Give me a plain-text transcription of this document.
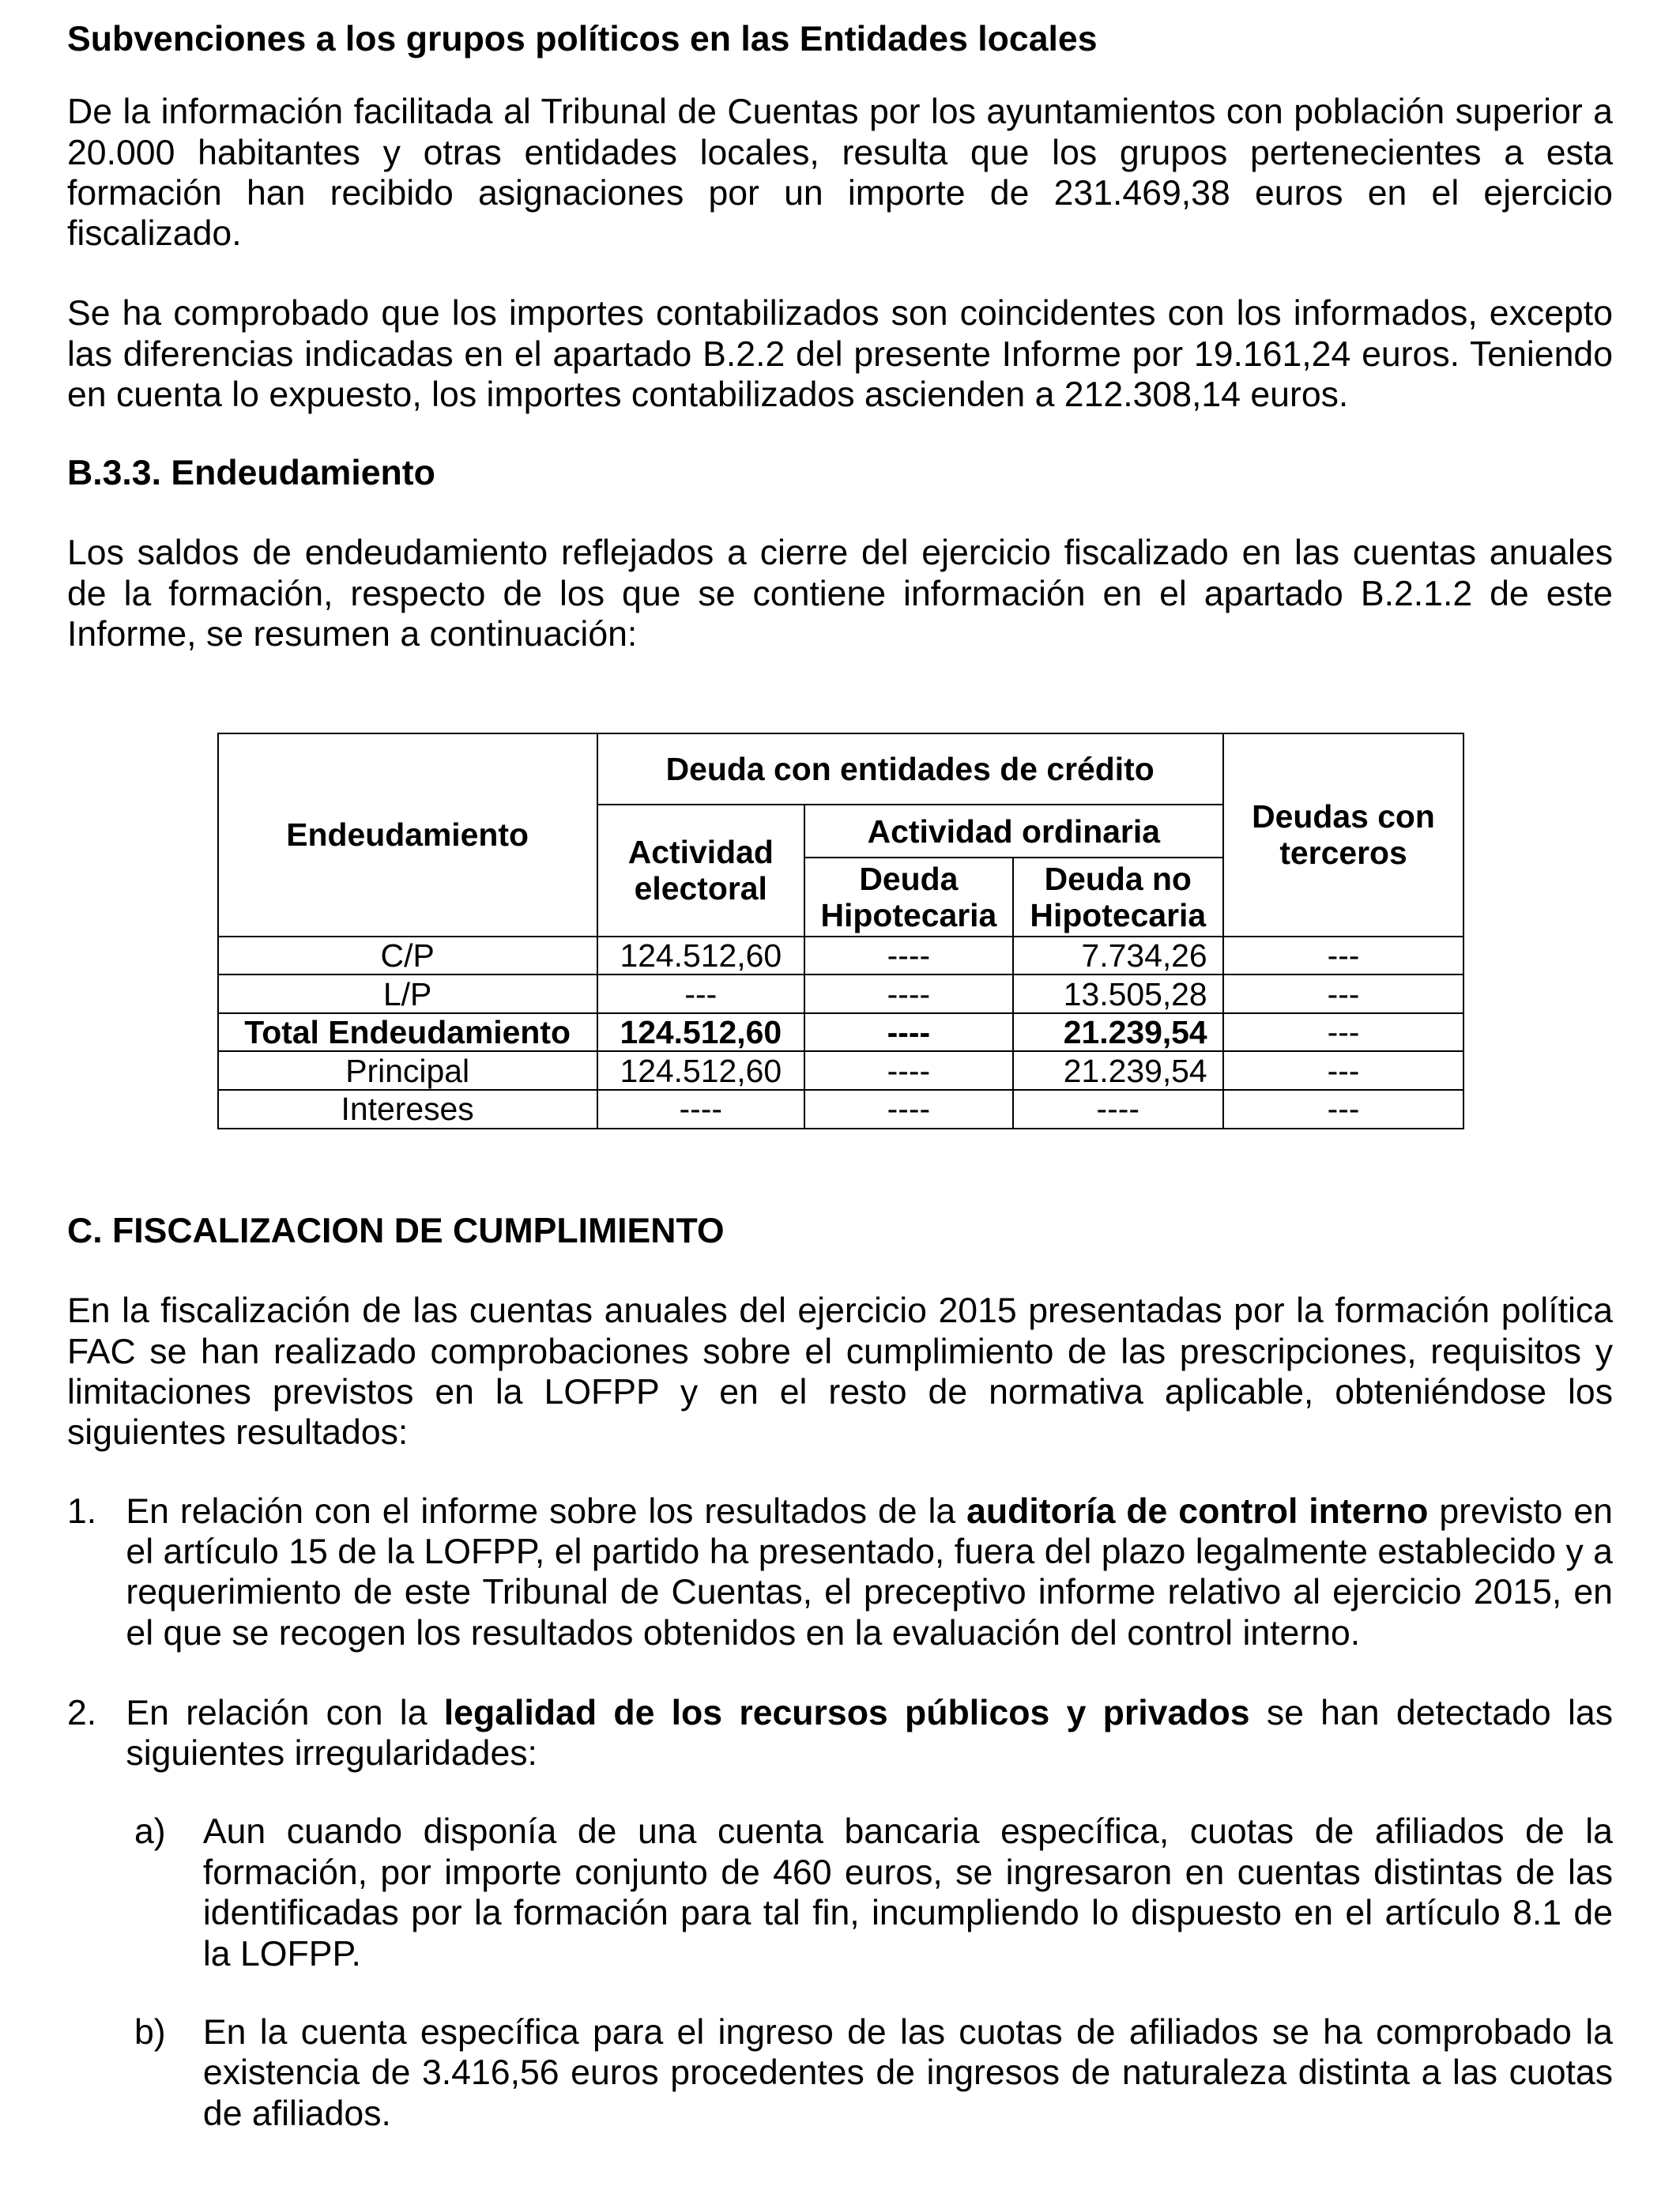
Subvenciones a los grupos políticos en las Entidades locales

De la información facilitada al Tribunal de Cuentas por los ayuntamientos con población superior a 20.000 habitantes y otras entidades locales, resulta que los grupos pertenecientes a esta formación han recibido asignaciones por un importe de 231.469,38 euros en el ejercicio fiscalizado.

Se ha comprobado que los importes contabilizados son coincidentes con los informados, excepto las diferencias indicadas en el apartado B.2.2 del presente Informe por 19.161,24 euros. Teniendo en cuenta lo expuesto, los importes contabilizados ascienden a 212.308,14 euros.

B.3.3. Endeudamiento

Los saldos de endeudamiento reflejados a cierre del ejercicio fiscalizado en las cuentas anuales de la formación, respecto de los que se contiene información en el apartado B.2.1.2 de este Informe, se resumen a continuación:

Endeudamiento	Deuda con entidades de crédito			Deudas con terceros
	Actividad electoral	Actividad ordinaria		
		Deuda Hipotecaria	Deuda no Hipotecaria	
C/P	124.512,60	----	7.734,26	---
L/P	---	----	13.505,28	---
Total Endeudamiento	124.512,60	----	21.239,54	---
Principal	124.512,60	----	21.239,54	---
Intereses	----	----	----	---
C. FISCALIZACION DE CUMPLIMIENTO

En la fiscalización de las cuentas anuales del ejercicio 2015 presentadas por la formación política FAC se han realizado comprobaciones sobre el cumplimiento de las prescripciones, requisitos y limitaciones previstos en la LOFPP y en el resto de normativa aplicable, obteniéndose los siguientes resultados:

1. En relación con el informe sobre los resultados de la auditoría de control interno previsto en el artículo 15 de la LOFPP, el partido ha presentado, fuera del plazo legalmente establecido y a requerimiento de este Tribunal de Cuentas, el preceptivo informe relativo al ejercicio 2015, en el que se recogen los resultados obtenidos en la evaluación del control interno.

2. En relación con la legalidad de los recursos públicos y privados se han detectado las siguientes irregularidades:

a) Aun cuando disponía de una cuenta bancaria específica, cuotas de afiliados de la formación, por importe conjunto de 460 euros, se ingresaron en cuentas distintas de las identificadas por la formación para tal fin, incumpliendo lo dispuesto en el artículo 8.1 de la LOFPP.

b) En la cuenta específica para el ingreso de las cuotas de afiliados se ha comprobado la existencia de 3.416,56 euros procedentes de ingresos de naturaleza distinta a las cuotas de afiliados.
